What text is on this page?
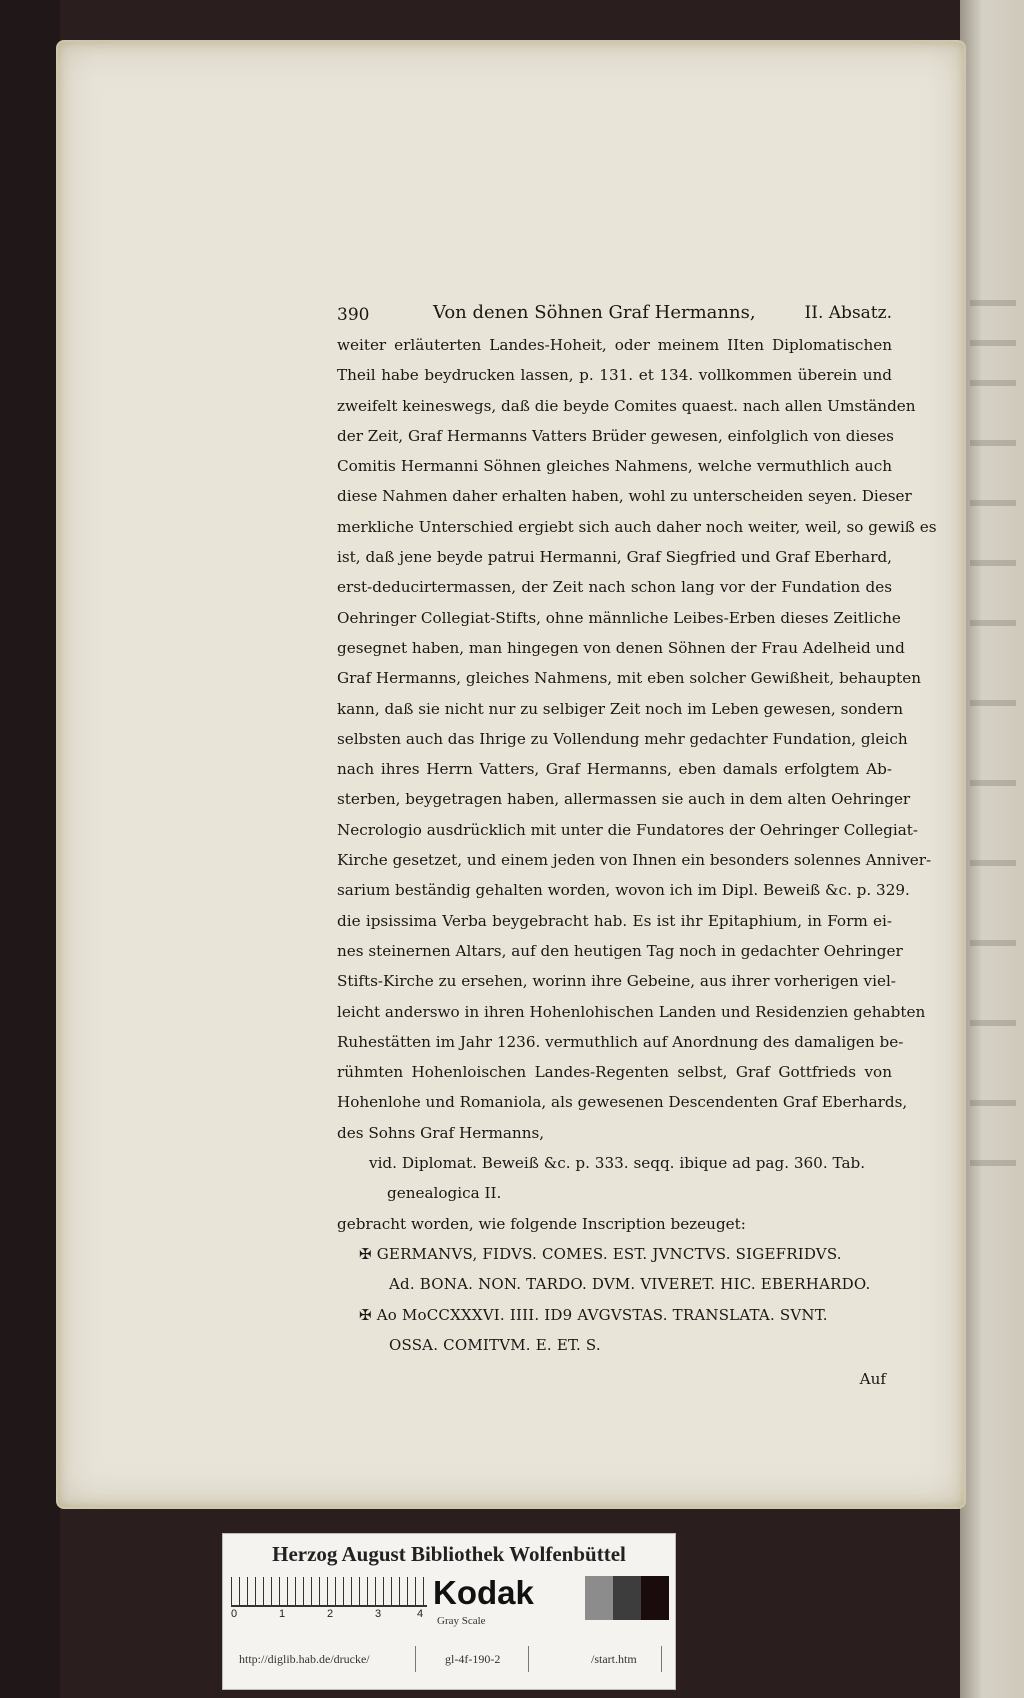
390	Von denen Söhnen Graf Hermanns,	II. Absatz.
weiter erläuterten Landes-Hoheit, oder meinem IIten Diplomatischen
Theil habe beydrucken lassen, p. 131. et 134. vollkommen überein und
zweifelt keineswegs, daß die beyde Comites quaest. nach allen Umständen
der Zeit, Graf Hermanns Vatters Brüder gewesen, einfolglich von dieses
Comitis Hermanni Söhnen gleiches Nahmens, welche vermuthlich auch
diese Nahmen daher erhalten haben, wohl zu unterscheiden seyen. Dieser
merkliche Unterschied ergiebt sich auch daher noch weiter, weil, so gewiß es
ist, daß jene beyde patrui Hermanni, Graf Siegfried und Graf Eberhard,
erst-deducirtermassen, der Zeit nach schon lang vor der Fundation des
Oehringer Collegiat-Stifts, ohne männliche Leibes-Erben dieses Zeitliche
gesegnet haben, man hingegen von denen Söhnen der Frau Adelheid und
Graf Hermanns, gleiches Nahmens, mit eben solcher Gewißheit, behaupten
kann, daß sie nicht nur zu selbiger Zeit noch im Leben gewesen, sondern
selbsten auch das Ihrige zu Vollendung mehr gedachter Fundation, gleich
nach ihres Herrn Vatters, Graf Hermanns, eben damals erfolgtem Ab-
sterben, beygetragen haben, allermassen sie auch in dem alten Oehringer
Necrologio ausdrücklich mit unter die Fundatores der Oehringer Collegiat-
Kirche gesetzet, und einem jeden von Ihnen ein besonders solennes Anniver-
sarium beständig gehalten worden, wovon ich im Dipl. Beweiß &c. p. 329.
die ipsissima Verba beygebracht hab. Es ist ihr Epitaphium, in Form ei-
nes steinernen Altars, auf den heutigen Tag noch in gedachter Oehringer
Stifts-Kirche zu ersehen, worinn ihre Gebeine, aus ihrer vorherigen viel-
leicht anderswo in ihren Hohenlohischen Landen und Residenzien gehabten
Ruhestätten im Jahr 1236. vermuthlich auf Anordnung des damaligen be-
rühmten Hohenloischen Landes-Regenten selbst, Graf Gottfrieds von
Hohenlohe und Romaniola, als gewesenen Descendenten Graf Eberhards,
des Sohns Graf Hermanns,
vid. Diplomat. Beweiß &c. p. 333. seqq. ibique ad pag. 360. Tab.
genealogica II.
gebracht worden, wie folgende Inscription bezeuget:
✠ GERMANVS, FIDVS. COMES. EST. JVNCTVS. SIGEFRIDVS.
Ad. BONA. NON. TARDO. DVM. VIVERET. HIC. EBERHARDO.
✠ Ao MoCCXXXVI. IIII. ID9 AVGVSTAS. TRANSLATA. SVNT.
OSSA. COMITVM. E. ET. S.
Auf
Herzog August Bibliothek Wolfenbüttel
0	1	2	3	4
Kodak
Gray Scale
http://diglib.hab.de/drucke/	gl-4f-190-2	/start.htm
